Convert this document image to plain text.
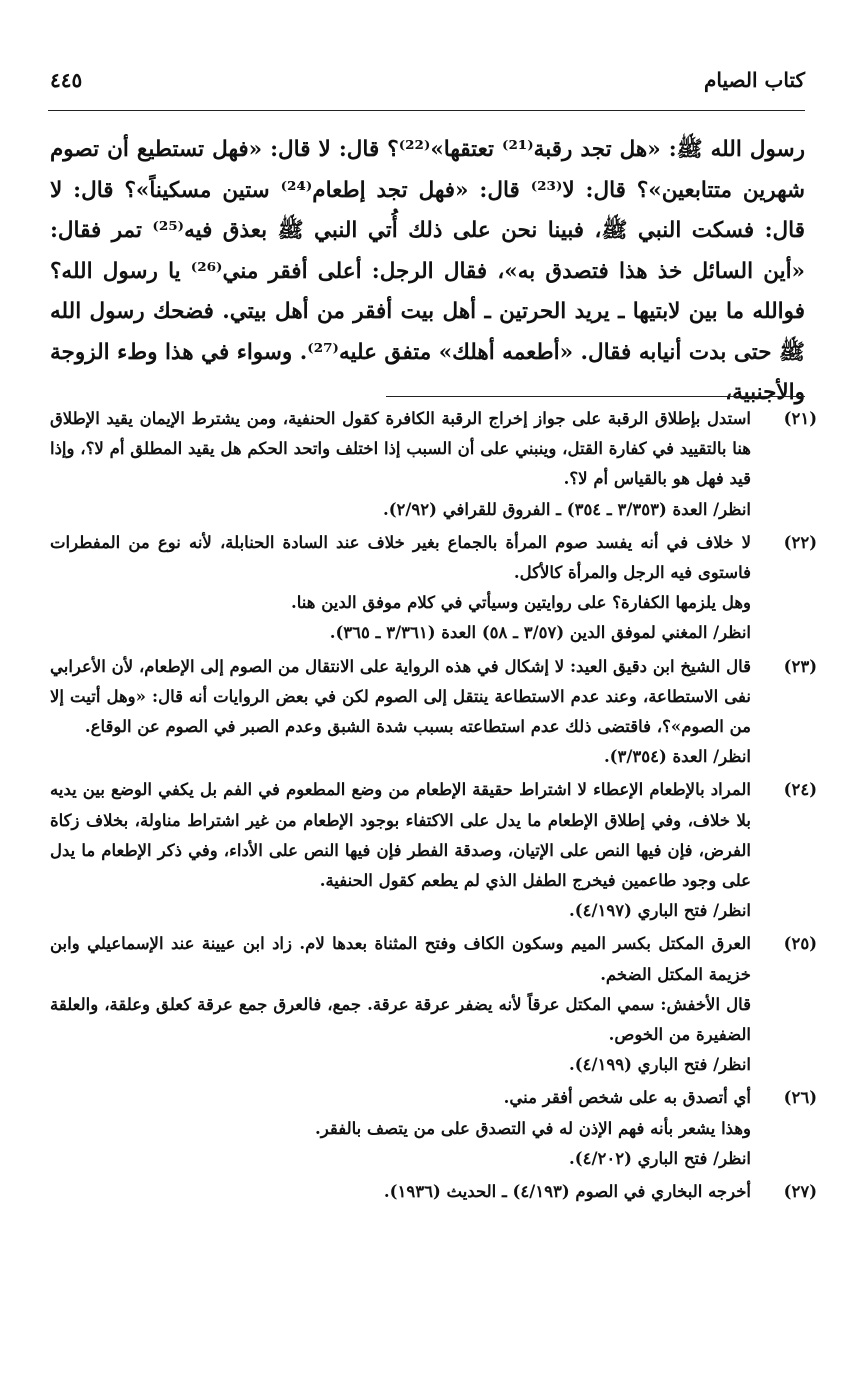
كتاب الصيام
٤٤٥

رسول الله ﷺ: «هل تجد رقبة⁽²¹⁾ تعتقها»⁽²²⁾؟ قال: لا قال: «فهل تستطيع أن تصوم شهرين متتابعين»؟ قال: لا⁽²³⁾ قال: «فهل تجد إطعام⁽²⁴⁾ ستين مسكيناً»؟ قال: لا قال: فسكت النبي ﷺ، فبينا نحن على ذلك أُتي النبي ﷺ بعذق فيه⁽²⁵⁾ تمر فقال: «أين السائل خذ هذا فتصدق به»، فقال الرجل: أعلى أفقر مني⁽²⁶⁾ يا رسول الله؟ فوالله ما بين لابتيها ـ يريد الحرتين ـ أهل بيت أفقر من أهل بيتي. فضحك رسول الله ﷺ حتى بدت أنيابه فقال. «أطعمه أهلك» متفق عليه⁽²⁷⁾. وسواء في هذا وطء الزوجة والأجنبية،

(٢١)

استدل بإطلاق الرقبة على جواز إخراج الرقبة الكافرة كقول الحنفية، ومن يشترط الإيمان يقيد الإطلاق هنا بالتقييد في كفارة القتل، وينبني على أن السبب إذا اختلف واتحد الحكم هل يقيد المطلق أم لا؟، وإذا قيد فهل هو بالقياس أم لا؟.

انظر/ العدة (٣/٣٥٣ ـ ٣٥٤) ـ الفروق للقرافي (٢/٩٢).

(٢٢)

لا خلاف في أنه يفسد صوم المرأة بالجماع بغير خلاف عند السادة الحنابلة، لأنه نوع من المفطرات فاستوى فيه الرجل والمرأة كالأكل.

وهل يلزمها الكفارة؟ على روايتين وسيأتي في كلام موفق الدين هنا.

انظر/ المغني لموفق الدين (٣/٥٧ ـ ٥٨) العدة (٣/٣٦١ ـ ٣٦٥).

(٢٣)

قال الشيخ ابن دقيق العيد: لا إشكال في هذه الرواية على الانتقال من الصوم إلى الإطعام، لأن الأعرابي نفى الاستطاعة، وعند عدم الاستطاعة ينتقل إلى الصوم لكن في بعض الروايات أنه قال: «وهل أتيت إلا من الصوم»؟، فاقتضى ذلك عدم استطاعته بسبب شدة الشبق وعدم الصبر في الصوم عن الوقاع.

انظر/ العدة (٣/٣٥٤).

(٢٤)

المراد بالإطعام الإعطاء لا اشتراط حقيقة الإطعام من وضع المطعوم في الفم بل يكفي الوضع بين يديه بلا خلاف، وفي إطلاق الإطعام ما يدل على الاكتفاء بوجود الإطعام من غير اشتراط مناولة، بخلاف زكاة الفرض، فإن فيها النص على الإتيان، وصدقة الفطر فإن فيها النص على الأداء، وفي ذكر الإطعام ما يدل على وجود طاعمين فيخرج الطفل الذي لم يطعم كقول الحنفية.

انظر/ فتح الباري (٤/١٩٧).

(٢٥)

العرق المكتل بكسر الميم وسكون الكاف وفتح المثناة بعدها لام. زاد ابن عيينة عند الإسماعيلي وابن خزيمة المكتل الضخم.

قال الأخفش: سمي المكتل عرقاً لأنه يضفر عرقة عرقة. جمع، فالعرق جمع عرقة كعلق وعلقة، والعلقة الضفيرة من الخوص.

انظر/ فتح الباري (٤/١٩٩).

(٢٦)

أي أتصدق به على شخص أفقر مني.

وهذا يشعر بأنه فهم الإذن له في التصدق على من يتصف بالفقر.

انظر/ فتح الباري (٤/٢٠٢).

(٢٧)

أخرجه البخاري في الصوم (٤/١٩٣) ـ الحديث (١٩٣٦).
